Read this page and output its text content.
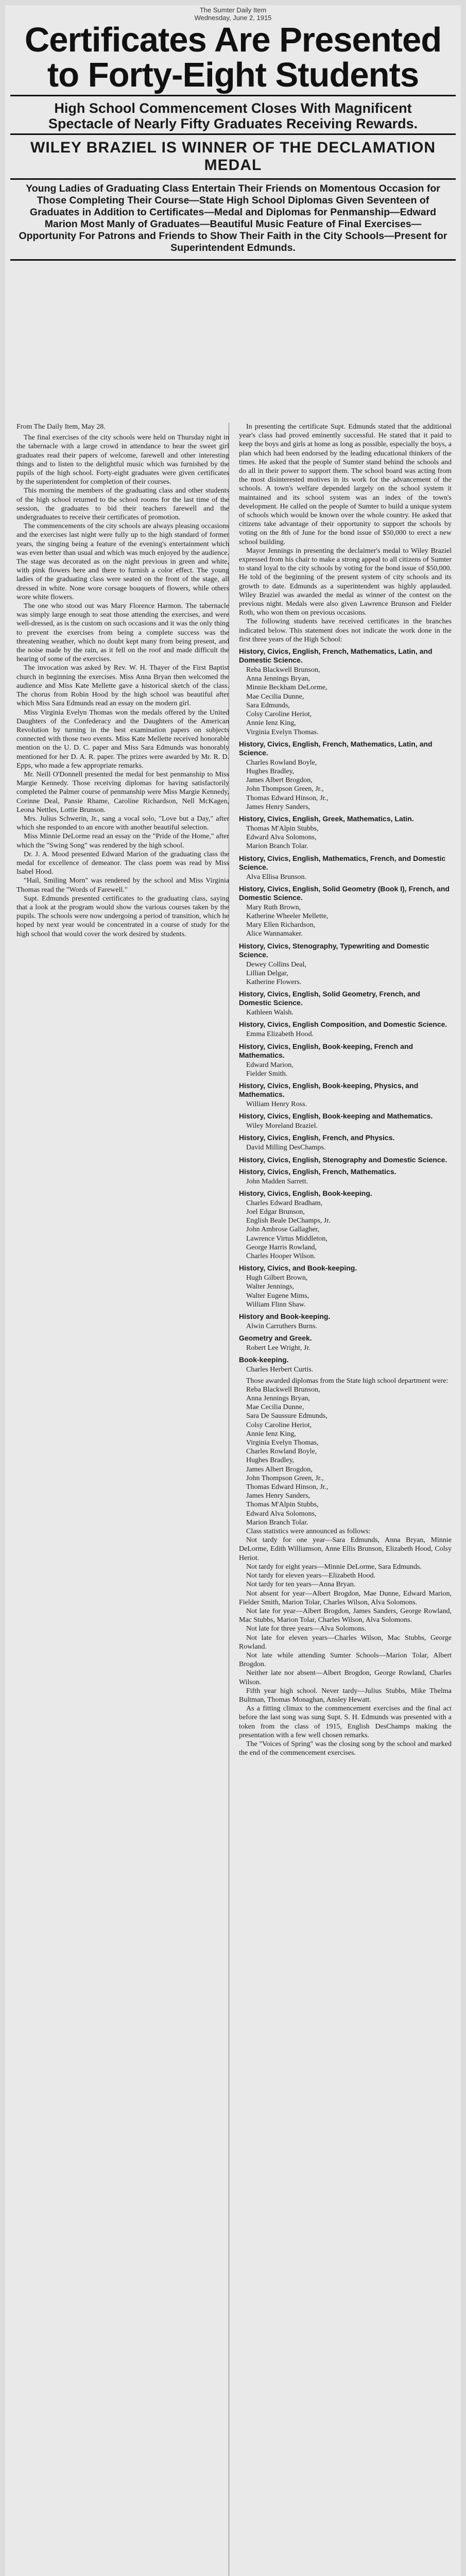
The Sumter Daily Item
Wednesday, June 2, 1915
Certificates Are Presented
to Forty-Eight Students
High School Commencement Closes With Magnificent Spectacle of Nearly Fifty Graduates Receiving Rewards.
WILEY BRAZIEL IS WINNER OF THE DECLAMATION MEDAL
Young Ladies of Graduating Class Entertain Their Friends on Momentous Occasion for Those Completing Their Course—State High School Diplomas Given Seventeen of Graduates in Addition to Certificates—Medal and Diplomas for Penmanship—Edward Marion Most Manly of Graduates—Beautiful Music Feature of Final Exercises—Opportunity For Patrons and Friends to Show Their Faith in the City Schools—Present for Superintendent Edmunds.

From The Daily Item, May 28.

The final exercises of the city schools were held on Thursday night in the tabernacle with a large crowd in attendance to hear the sweet girl graduates read their papers of welcome, farewell and other interesting things and to listen to the delightful music which was furnished by the pupils of the high school. Forty-eight graduates were given certificates by the superintendent for completion of their courses.

This morning the members of the graduating class and other students of the high school returned to the school rooms for the last time of the session, the graduates to bid their teachers farewell and the undergraduates to receive their certificates of promotion.

The commencements of the city schools are always pleasing occasions and the exercises last night were fully up to the high standard of former years, the singing being a feature of the evening's entertainment which was even better than usual and which was much enjoyed by the audience. The stage was decorated as on the night previous in green and white, with pink flowers here and there to furnish a color effect. The young ladies of the graduating class were seated on the front of the stage, all dressed in white. None wore corsage bouquets of flowers, while others wore white flowers.

The one who stood out was Mary Florence Harmon. The tabernacle was simply large enough to seat those attending the exercises, and were well-dressed, as is the custom on such occasions and it was the only thing to prevent the exercises from being a complete success was the threatening weather, which no doubt kept many from being present, and the noise made by the rain, as it fell on the roof and made difficult the hearing of some of the exercises.

The invocation was asked by Rev. W. H. Thayer of the First Baptist church in beginning the exercises. Miss Anna Bryan then welcomed the audience and Miss Kate Mellette gave a historical sketch of the class. The chorus from Robin Hood by the high school was beautiful after which Miss Sara Edmunds read an essay on the modern girl.

Miss Virginia Evelyn Thomas won the medals offered by the United Daughters of the Confederacy and the Daughters of the American Revolution by turning in the best examination papers on subjects connected with those two events. Miss Kate Mellette received honorable mention on the U. D. C. paper and Miss Sara Edmunds was honorably mentioned for her D. A. R. paper. The prizes were awarded by Mr. R. D. Epps, who made a few appropriate remarks.

Mr. Neill O'Donnell presented the medal for best penmanship to Miss Margie Kennedy. Those receiving diplomas for having satisfactorily completed the Palmer course of penmanship were Miss Margie Kennedy, Corinne Deal, Pansie Rhame, Caroline Richardson, Nell McKagen, Leona Nettles, Lottie Brunson.

Mrs. Julius Schwerin, Jr., sang a vocal solo, "Love but a Day," after which she responded to an encore with another beautiful selection.

Miss Minnie DeLorme read an essay on the "Pride of the Home," after which the "Swing Song" was rendered by the high school.

Dr. J. A. Mood presented Edward Marion of the graduating class the medal for excellence of demeanor. The class poem was read by Miss Isabel Hood.

"Hail, Smiling Morn" was rendered by the school and Miss Virginia Thomas read the "Words of Farewell."

Supt. Edmunds presented certificates to the graduating class, saying that a look at the program would show the various courses taken by the pupils. The schools were now undergoing a period of transition, which he hoped by next year would be concentrated in a course of study for the high school that would cover the work desired by students.

In presenting the certificate Supt. Edmunds stated that the additional year's class had proved eminently successful. He stated that it paid to keep the boys and girls at home as long as possible, especially the boys, a plan which had been endorsed by the leading educational thinkers of the times. He asked that the people of Sumter stand behind the schools and do all in their power to support them. The school board was acting from the most disinterested motives in its work for the advancement of the schools. A town's welfare depended largely on the school system it maintained and its school system was an index of the town's development. He called on the people of Sumter to build a unique system of schools which would be known over the whole country. He asked that citizens take advantage of their opportunity to support the schools by voting on the 8th of June for the bond issue of $50,000 to erect a new school building.

Mayor Jennings in presenting the declaimer's medal to Wiley Braziel expressed from his chair to make a strong appeal to all citizens of Sumter to stand loyal to the city schools by voting for the bond issue of $50,000. He told of the beginning of the present system of city schools and its growth to date. Edmunds as a superintendent was highly applauded. Wiley Braziel was awarded the medal as winner of the contest on the previous night. Medals were also given Lawrence Brunson and Fielder Roth, who won them on previous occasions.

The following students have received certificates in the branches indicated below. This statement does not indicate the work done in the first three years of the High School:

History, Civics, English, French, Mathematics, Latin, and Domestic Science.

Reba Blackwell Brunson,
Anna Jennings Bryan,
Minnie Beckham DeLorme,
Mae Cecilia Dunne,
Sara Edmunds,
Colsy Caroline Heriot,
Annie Ienz King,
Virginia Evelyn Thomas.

History, Civics, English, French, Mathematics, Latin, and Science.

Charles Rowland Boyle,
Hughes Bradley,
James Albert Brogdon,
John Thompson Green, Jr.,
Thomas Edward Hinson, Jr.,
James Henry Sanders,

History, Civics, English, Greek, Mathematics, Latin.

Thomas M'Alpin Stubbs,
Edward Alva Solomons,
Marion Branch Tolar.

History, Civics, English, Mathematics, French, and Domestic Science.

Alva Ellisa Brunson.

History, Civics, English, Solid Geometry (Book I), French, and Domestic Science.

Mary Ruth Brown,
Katherine Wheeler Mellette,
Mary Ellen Richardson,
Alice Wannamaker.

History, Civics, Stenography, Typewriting and Domestic Science.

Dewey Collins Deal,
Lillian Delgar,
Katherine Flowers.

History, Civics, English, Solid Geometry, French, and Domestic Science.

Kathleen Walsh.

History, Civics, English Composition, and Domestic Science.

Emma Elizabeth Hood.

History, Civics, English, Book-keeping, French and Mathematics.

Edward Marion,
Fielder Smith.

History, Civics, English, Book-keeping, Physics, and Mathematics.

William Henry Ross.

History, Civics, English, Book-keeping and Mathematics.

Wiley Moreland Braziel.

History, Civics, English, French, and Physics.

David Milling DesChamps.

History, Civics, English, Stenography and Domestic Science.

History, Civics, English, French, Mathematics.

John Madden Sarrett.

History, Civics, English, Book-keeping.

Charles Edward Bradham,
Joel Edgar Brunson,
English Beale DeChamps, Jr.
John Ambrose Gallagher,
Lawrence Virtus Middleton,
George Harris Rowland,
Charles Hooper Wilson.

History, Civics, and Book-keeping.

Hugh Gilbert Brown,
Walter Jennings,
Walter Eugene Mims,
William Flinn Shaw.

History and Book-keeping.

Alwin Carruthers Burns.

Geometry and Greek.

Robert Lee Wright, Jr.

Book-keeping.

Charles Herbert Curtis.

Those awarded diplomas from the State high school department were:

Reba Blackwell Brunson,
Anna Jennings Bryan,
Mae Cecilia Dunne,
Sara De Saussure Edmunds,
Colsy Caroline Heriot,
Annie Ienz King,
Virginia Evelyn Thomas,
Charles Rowland Boyle,
Hughes Bradley,
James Albert Brogdon,
John Thompson Green, Jr.,
Thomas Edward Hinson, Jr.,
James Henry Sanders,
Thomas M'Alpin Stubbs,
Edward Alva Solomons,
Marion Branch Tolar.

Class statistics were announced as follows:

Not tardy for one year—Sara Edmunds, Anna Bryan, Minnie DeLorme, Edith Williamson, Anne Ellis Brunson, Elizabeth Hood, Colsy Heriot.

Not tardy for eight years—Minnie DeLorme, Sara Edmunds.

Not tardy for eleven years—Elizabeth Hood.

Not tardy for ten years—Anna Bryan.

Not absent for year—Albert Brogdon, Mae Dunne, Edward Marion, Fielder Smith, Marion Tolar, Charles Wilson, Alva Solomons.

Not late for year—Albert Brogdon, James Sanders, George Rowland, Mac Stubbs, Marion Tolar, Charles Wilson, Alva Solomons.

Not late for three years—Alva Solomons.

Not late for eleven years—Charles Wilson, Mac Stubbs, George Rowland.

Not late while attending Sumter Schools—Marion Tolar, Albert Brogdon.

Neither late nor absent—Albert Brogdon, George Rowland, Charles Wilson.

Fifth year high school. Never tardy—Julius Stubbs, Mike Thelma Bultman, Thomas Monaghan, Ansley Hewatt.

As a fitting climax to the commencement exercises and the final act before the last song was sung Supt. S. H. Edmunds was presented with a token from the class of 1915, English DesChamps making the presentation with a few well chosen remarks.

The "Voices of Spring" was the closing song by the school and marked the end of the commencement exercises.
